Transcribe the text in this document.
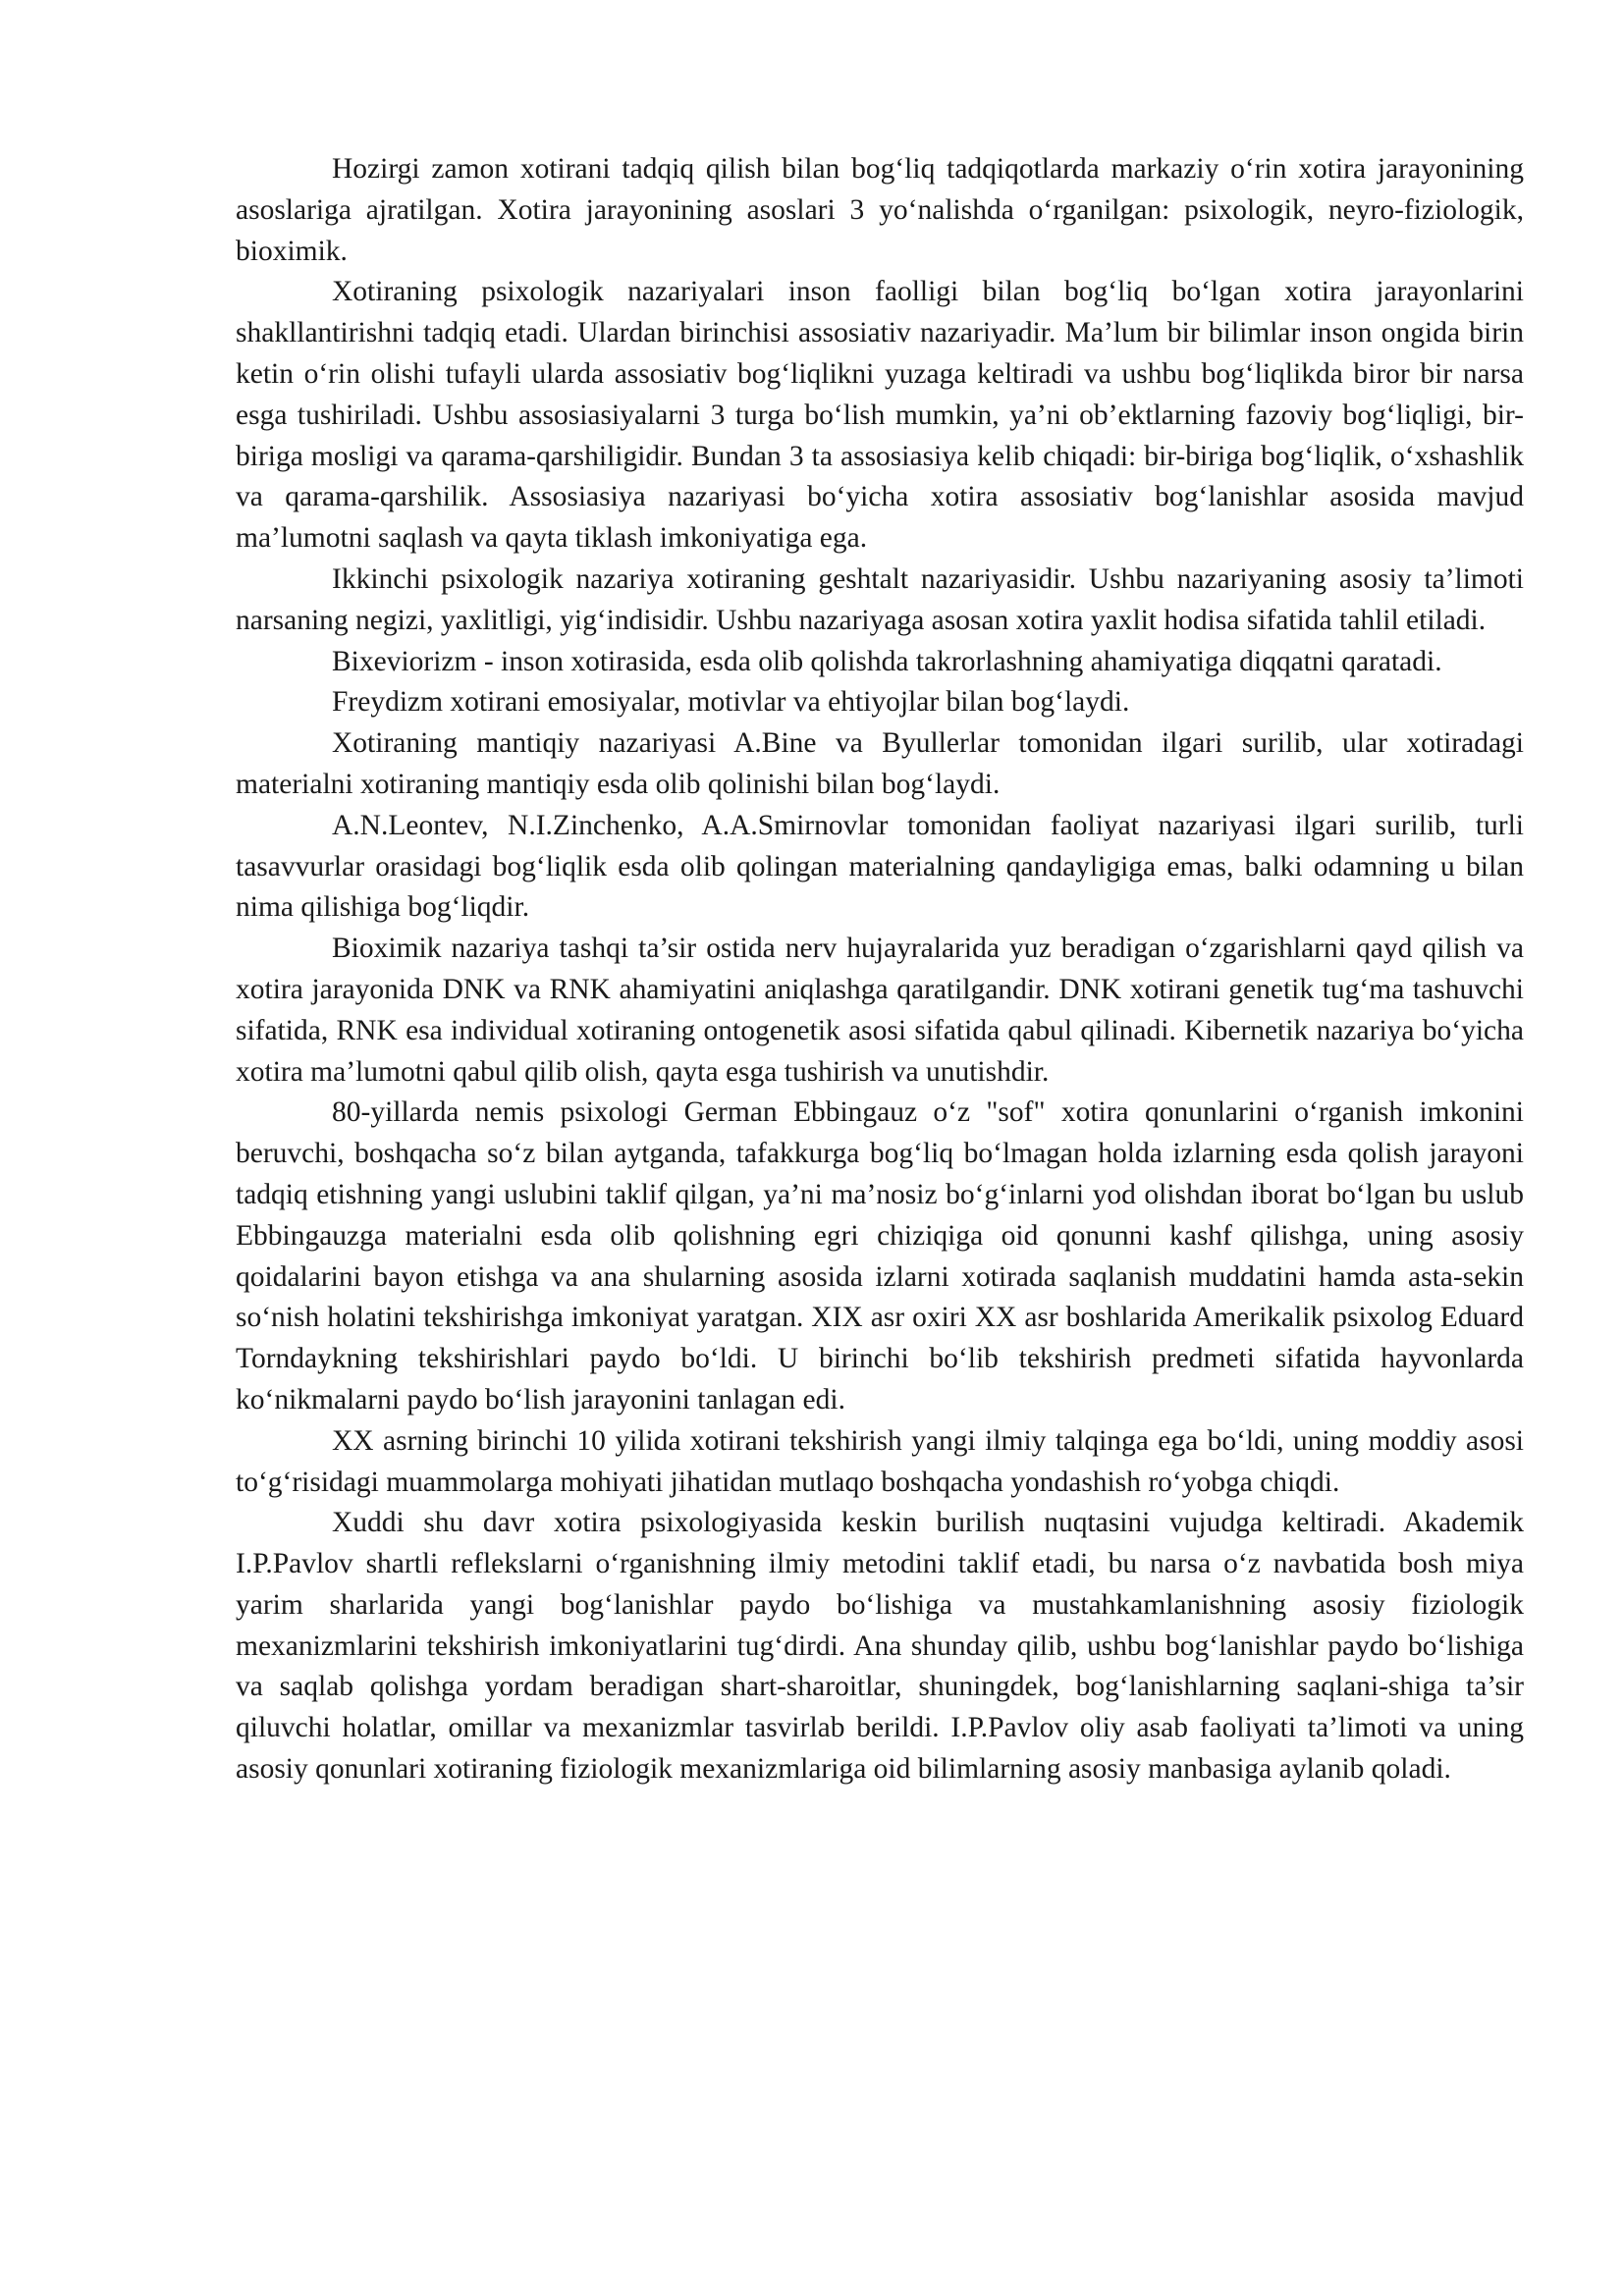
Hozirgi zamon xotirani tadqiq qilish bilan bog‘liq tadqiqotlarda markaziy o‘rin xotira jarayonining asoslariga ajratilgan. Xotira jarayonining asoslari 3 yo‘nalishda o‘rganilgan: psixologik, neyro-fiziologik, bioximik.

Xotiraning psixologik nazariyalari inson faolligi bilan bog‘liq bo‘lgan xotira jarayonlarini shakllantirishni tadqiq etadi. Ulardan birinchisi assosiativ nazariyadir. Ma’lum bir bilimlar inson ongida birin ketin o‘rin olishi tufayli ularda assosiativ bog‘liqlikni yuzaga keltiradi va ushbu bog‘liqlikda biror bir narsa esga tushiriladi. Ushbu assosiasiyalarni 3 turga bo‘lish mumkin, ya’ni ob’ektlarning fazoviy bog‘liqligi, bir-biriga mosligi va qarama-qarshiligidir. Bundan 3 ta assosiasiya kelib chiqadi: bir-biriga bog‘liqlik, o‘xshashlik va qarama-qarshilik. Assosiasiya nazariyasi bo‘yicha xotira assosiativ bog‘lanishlar asosida mavjud ma’lumotni saqlash va qayta tiklash imkoniyatiga ega.

Ikkinchi psixologik nazariya xotiraning geshtalt nazariyasidir. Ushbu nazariyaning asosiy ta’limoti narsaning negizi, yaxlitligi, yig‘indisidir. Ushbu nazariyaga asosan xotira yaxlit hodisa sifatida tahlil etiladi.

Bixeviorizm - inson xotirasida, esda olib qolishda takrorlashning ahamiyatiga diqqatni qaratadi.

Freydizm xotirani emosiyalar, motivlar va ehtiyojlar bilan bog‘laydi.

Xotiraning mantiqiy nazariyasi A.Bine va Byullerlar tomonidan ilgari surilib, ular xotiradagi materialni xotiraning mantiqiy esda olib qolinishi bilan bog‘laydi.

A.N.Leontev, N.I.Zinchenko, A.A.Smirnovlar tomonidan faoliyat nazariyasi ilgari surilib, turli tasavvurlar orasidagi bog‘liqlik esda olib qolingan materialning qandayligiga emas, balki odamning u bilan nima qilishiga bog‘liqdir.

Bioximik nazariya tashqi ta’sir ostida nerv hujayralarida yuz beradigan o‘zgarishlarni qayd qilish va xotira jarayonida DNK va RNK ahamiyatini aniqlashga qaratilgandir. DNK xotirani genetik tug‘ma tashuvchi sifatida, RNK esa individual xotiraning ontogenetik asosi sifatida qabul qilinadi. Kibernetik nazariya bo‘yicha xotira ma’lumotni qabul qilib olish, qayta esga tushirish va unutishdir.

80-yillarda nemis psixologi German Ebbingauz o‘z "sof" xotira qonunlarini o‘rganish imkonini beruvchi, boshqacha so‘z bilan aytganda, tafakkurga bog‘liq bo‘lmagan holda izlarning esda qolish jarayoni tadqiq etishning yangi uslubini taklif qilgan, ya’ni ma’nosiz bo‘g‘inlarni yod olishdan iborat bo‘lgan bu uslub Ebbingauzga materialni esda olib qolishning egri chiziqiga oid qonunni kashf qilishga, uning asosiy qoidalarini bayon etishga va ana shularning asosida izlarni xotirada saqlanish muddatini hamda asta-sekin so‘nish holatini tekshirishga imkoniyat yaratgan. XIX asr oxiri XX asr boshlarida Amerikalik psixolog Eduard Torndaykning tekshirishlari paydo bo‘ldi. U birinchi bo‘lib tekshirish predmeti sifatida hayvonlarda ko‘nikmalarni paydo bo‘lish jarayonini tanlagan edi.

XX asrning birinchi 10 yilida xotirani tekshirish yangi ilmiy talqinga ega bo‘ldi, uning moddiy asosi to‘g‘risidagi muammolarga mohiyati jihatidan mutlaqo boshqacha yondashish ro‘yobga chiqdi.

Xuddi shu davr xotira psixologiyasida keskin burilish nuqtasini vujudga keltiradi. Akademik I.P.Pavlov shartli reflekslarni o‘rganishning ilmiy metodini taklif etadi, bu narsa o‘z navbatida bosh miya yarim sharlarida yangi bog‘lanishlar paydo bo‘lishiga va mustahkamlanishning asosiy fiziologik mexanizmlarini tekshirish imkoniyatlarini tug‘dirdi. Ana shunday qilib, ushbu bog‘lanishlar paydo bo‘lishiga va saqlab qolishga yordam beradigan shart-sharoitlar, shuningdek, bog‘lanishlarning saqlani-shiga ta’sir qiluvchi holatlar, omillar va mexanizmlar tasvirlab berildi. I.P.Pavlov oliy asab faoliyati ta’limoti va uning asosiy qonunlari xotiraning fiziologik mexanizmlariga oid bilimlarning asosiy manbasiga aylanib qoladi.
